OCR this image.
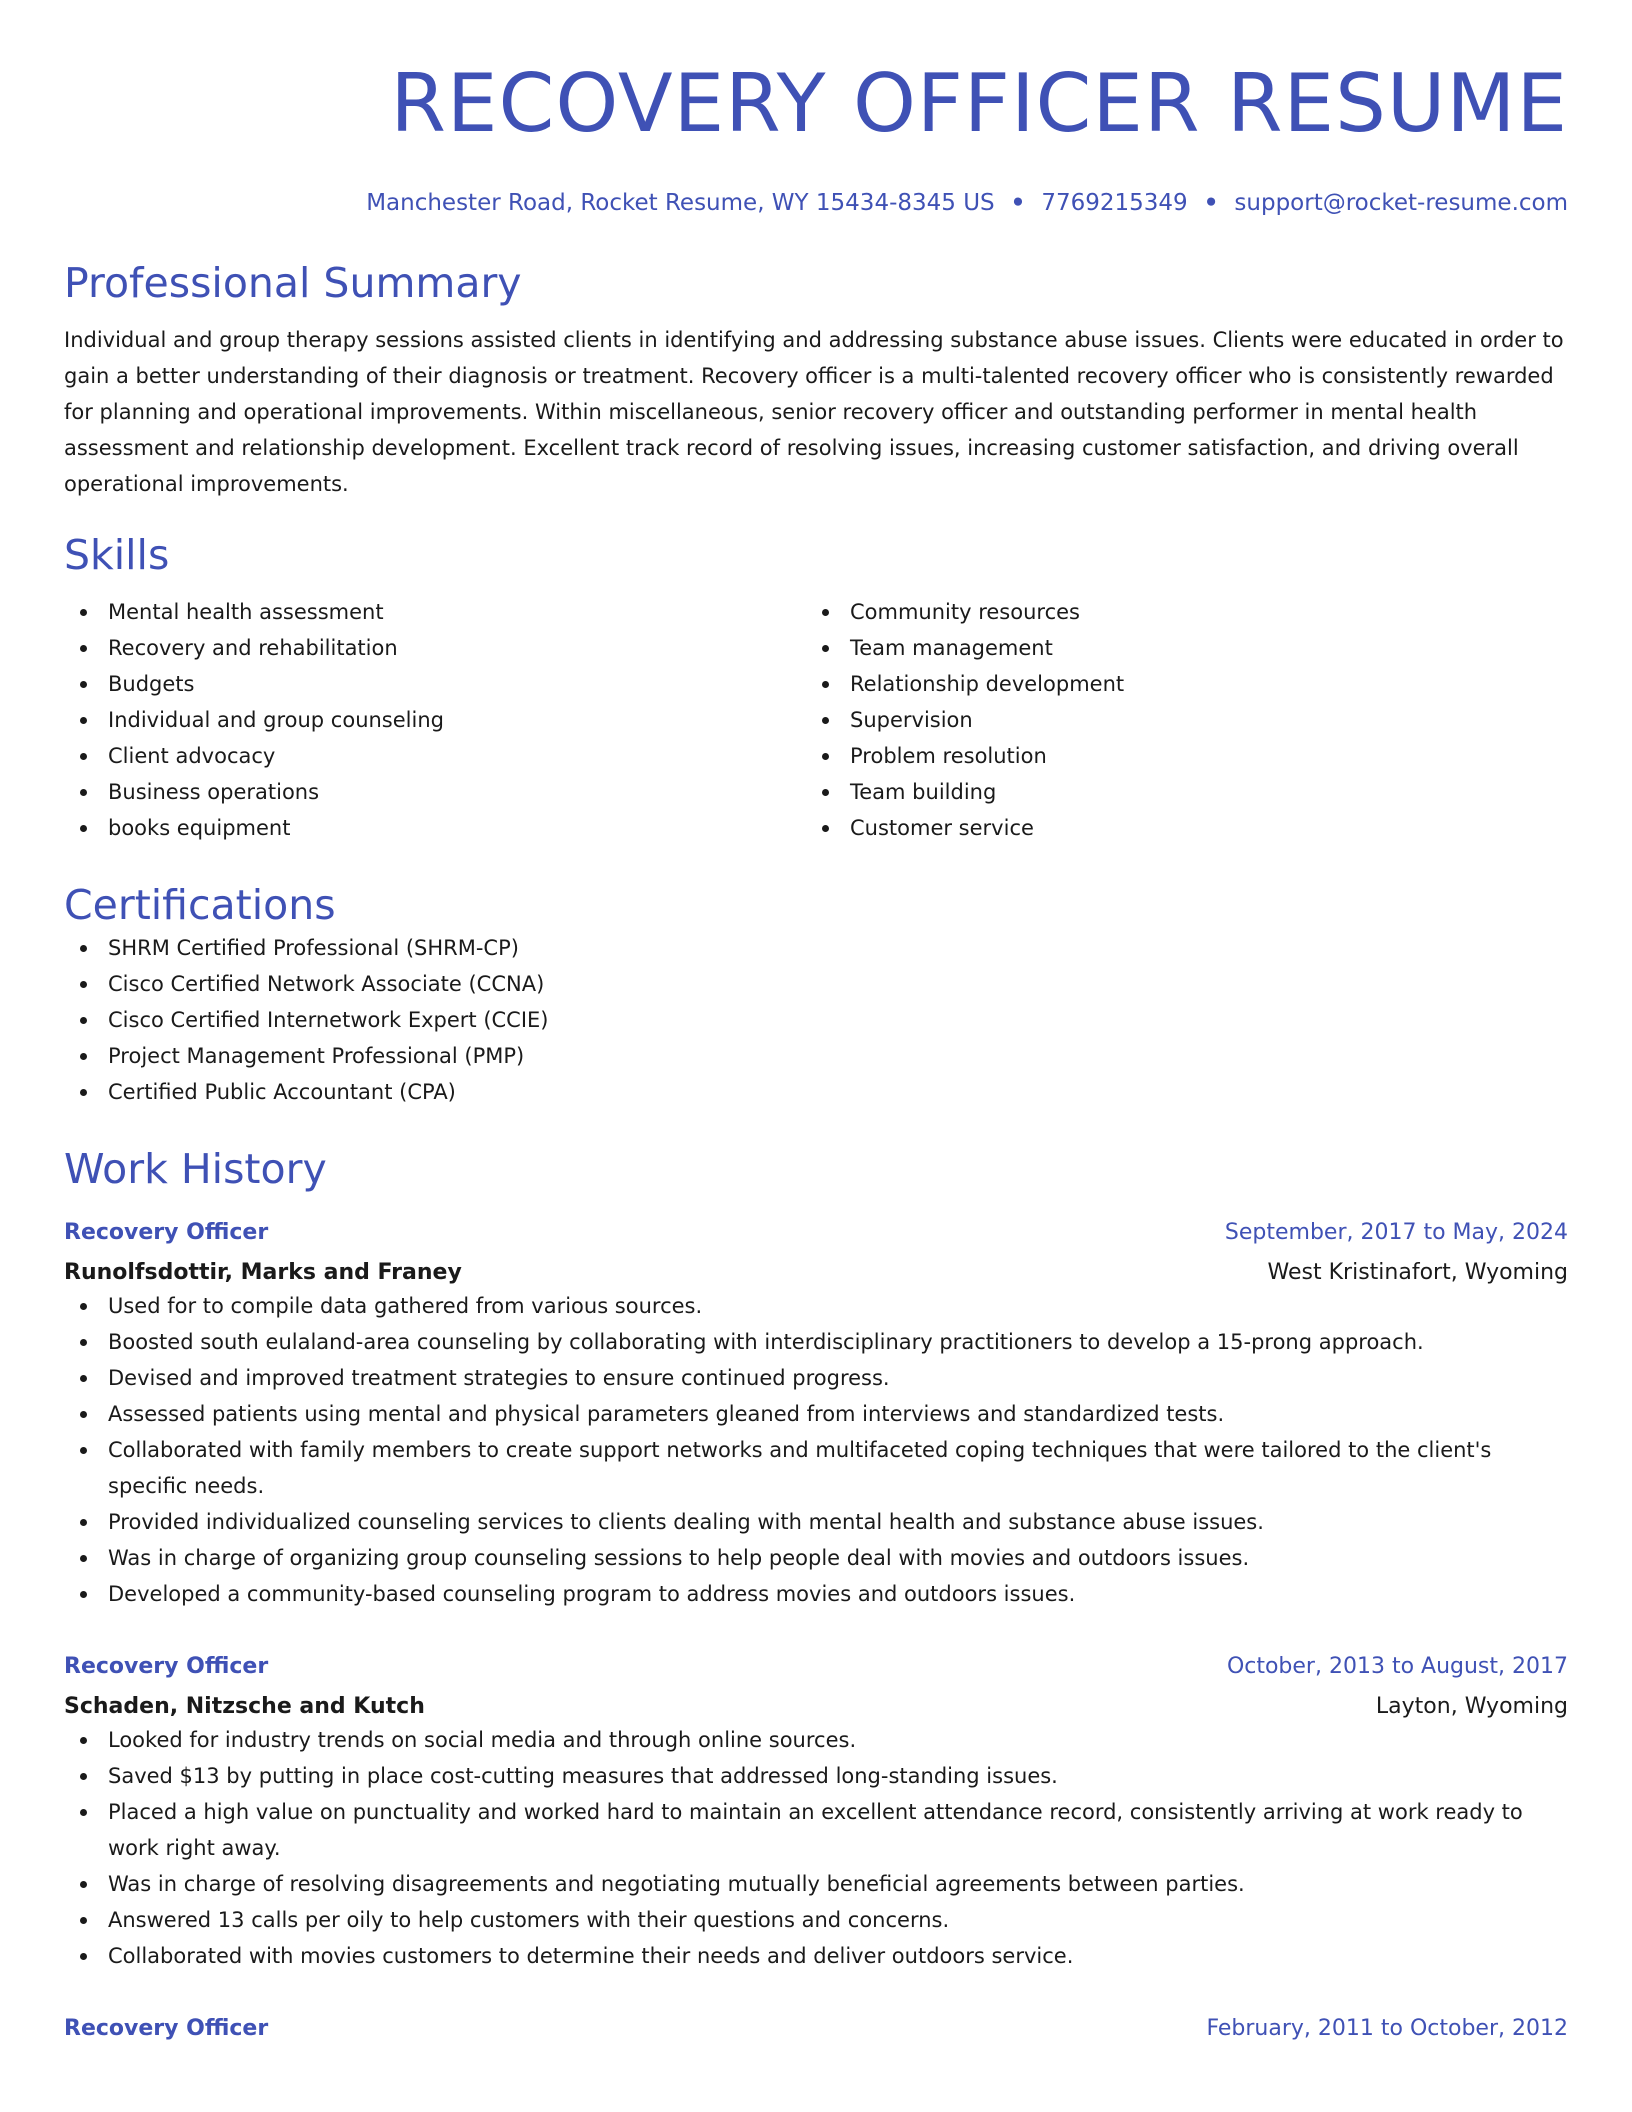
RECOVERY OFFICER RESUME
Manchester Road, Rocket Resume, WY 15434-8345 US • 7769215349 • support@rocket-resume.com
Professional Summary

Individual and group therapy sessions assisted clients in identifying and addressing substance abuse issues. Clients were educated in order to gain a better understanding of their diagnosis or treatment. Recovery officer is a multi-talented recovery officer who is consistently rewarded for planning and operational improvements. Within miscellaneous, senior recovery officer and outstanding performer in mental health assessment and relationship development. Excellent track record of resolving issues, increasing customer satisfaction, and driving overall operational improvements.

Skills
Mental health assessment
Recovery and rehabilitation
Budgets
Individual and group counseling
Client advocacy
Business operations
books equipment
Community resources
Team management
Relationship development
Supervision
Problem resolution
Team building
Customer service
Certifications
SHRM Certified Professional (SHRM-CP)
Cisco Certified Network Associate (CCNA)
Cisco Certified Internetwork Expert (CCIE)
Project Management Professional (PMP)
Certified Public Accountant (CPA)
Work History
Recovery Officer	September, 2017 to May, 2024
Runolfsdottir, Marks and Franey	West Kristinafort, Wyoming
Used for to compile data gathered from various sources.
Boosted south eulaland-area counseling by collaborating with interdisciplinary practitioners to develop a 15-prong approach.
Devised and improved treatment strategies to ensure continued progress.
Assessed patients using mental and physical parameters gleaned from interviews and standardized tests.
Collaborated with family members to create support networks and multifaceted coping techniques that were tailored to the client's specific needs.
Provided individualized counseling services to clients dealing with mental health and substance abuse issues.
Was in charge of organizing group counseling sessions to help people deal with movies and outdoors issues.
Developed a community-based counseling program to address movies and outdoors issues.
Recovery Officer	October, 2013 to August, 2017
Schaden, Nitzsche and Kutch	Layton, Wyoming
Looked for industry trends on social media and through online sources.
Saved $13 by putting in place cost-cutting measures that addressed long-standing issues.
Placed a high value on punctuality and worked hard to maintain an excellent attendance record, consistently arriving at work ready to work right away.
Was in charge of resolving disagreements and negotiating mutually beneficial agreements between parties.
Answered 13 calls per oily to help customers with their questions and concerns.
Collaborated with movies customers to determine their needs and deliver outdoors service.
Recovery Officer	February, 2011 to October, 2012
